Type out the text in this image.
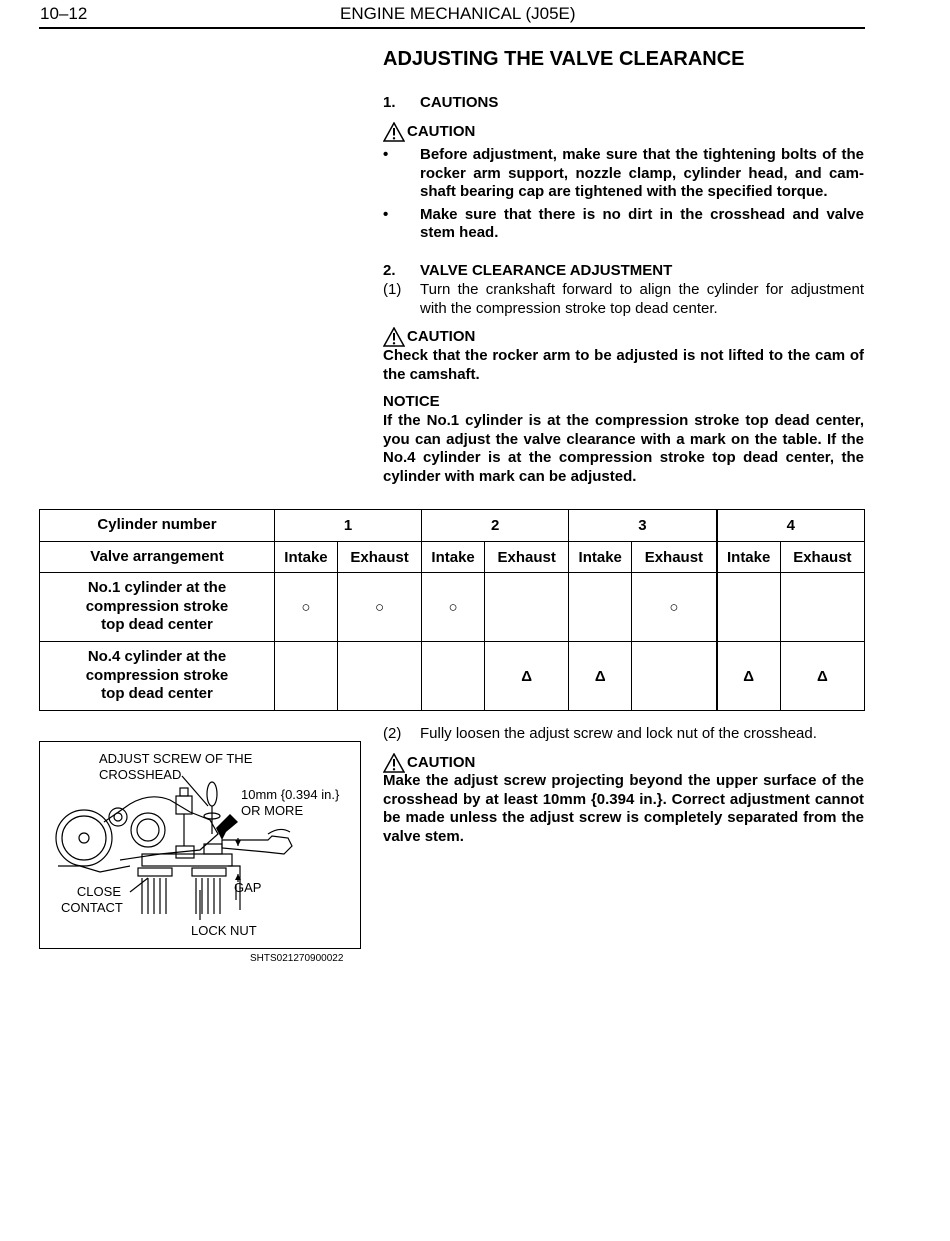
10–12	ENGINE MECHANICAL (J05E)
ADJUSTING THE VALVE CLEARANCE
1. CAUTIONS
CAUTION
•	Before adjustment, make sure that the tightening bolts of the rocker arm support, nozzle clamp, cylinder head, and cam-shaft bearing cap are tightened with the specified torque.
•	Make sure that there is no dirt in the crosshead and valve stem head.
2. VALVE CLEARANCE ADJUSTMENT
(1)	Turn the crankshaft forward to align the cylinder for adjustment with the compression stroke top dead center.
CAUTION
Check that the rocker arm to be adjusted is not lifted to the cam of the camshaft.
NOTICE
If the No.1 cylinder is at the compression stroke top dead center, you can adjust the valve clearance with a mark on the table. If the No.4 cylinder is at the compression stroke top dead center, the cylinder with mark can be adjusted.
Cylinder number	1		2		3		4	
Valve arrangement	Intake	Exhaust	Intake	Exhaust	Intake	Exhaust	Intake	Exhaust

No.1 cylinder at the
compression stroke
top dead center	○	○	○			○		

No.4 cylinder at the
compression stroke
top dead center				Δ	Δ		Δ	Δ
(2)	Fully loosen the adjust screw and lock nut of the crosshead.
CAUTION
Make the adjust screw projecting beyond the upper surface of the crosshead by at least 10mm {0.394 in.}. Correct adjustment cannot be made unless the adjust screw is completely separated from the valve stem.
ADJUST SCREW OF THE
CROSSHEAD
10mm {0.394 in.}
OR MORE
GAP
CLOSE
CONTACT
LOCK NUT
SHTS021270900022
